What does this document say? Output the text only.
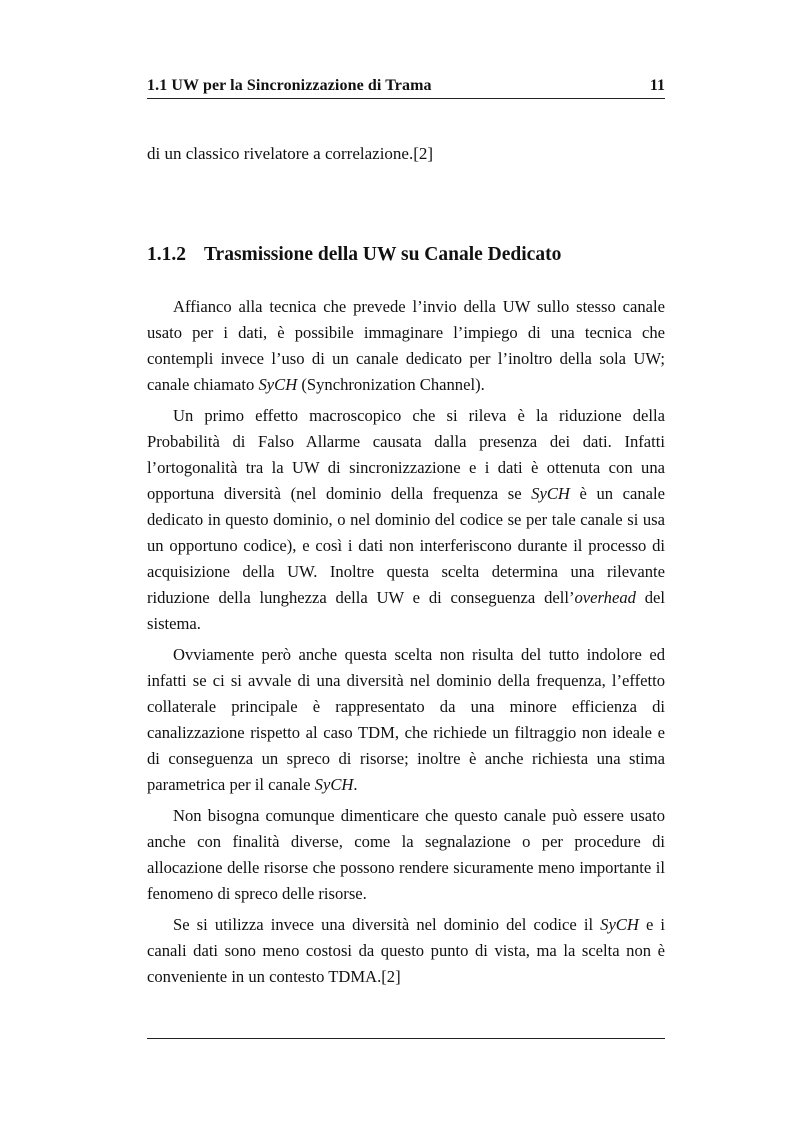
1.1 UW per la Sincronizzazione di Trama	11
di un classico rivelatore a correlazione.[2]
1.1.2 Trasmissione della UW su Canale Dedicato

Affianco alla tecnica che prevede l’invio della UW sullo stesso canale usato per i dati, è possibile immaginare l’impiego di una tecnica che contempli invece l’uso di un canale dedicato per l’inoltro della sola UW; canale chiamato SyCH (Synchronization Channel).

Un primo effetto macroscopico che si rileva è la riduzione della Probabilità di Falso Allarme causata dalla presenza dei dati. Infatti l’ortogonalità tra la UW di sincronizzazione e i dati è ottenuta con una opportuna diversità (nel dominio della frequenza se SyCH è un canale dedicato in questo dominio, o nel dominio del codice se per tale canale si usa un opportuno codice), e così i dati non interferiscono durante il processo di acquisizione della UW. Inoltre questa scelta determina una rilevante riduzione della lunghezza della UW e di conseguenza dell’overhead del sistema.

Ovviamente però anche questa scelta non risulta del tutto indolore ed infatti se ci si avvale di una diversità nel dominio della frequenza, l’effetto collaterale principale è rappresentato da una minore efficienza di canalizzazione rispetto al caso TDM, che richiede un filtraggio non ideale e di conseguenza un spreco di risorse; inoltre è anche richiesta una stima parametrica per il canale SyCH.

Non bisogna comunque dimenticare che questo canale può essere usato anche con finalità diverse, come la segnalazione o per procedure di allocazione delle risorse che possono rendere sicuramente meno importante il fenomeno di spreco delle risorse.

Se si utilizza invece una diversità nel dominio del codice il SyCH e i canali dati sono meno costosi da questo punto di vista, ma la scelta non è conveniente in un contesto TDMA.[2]
